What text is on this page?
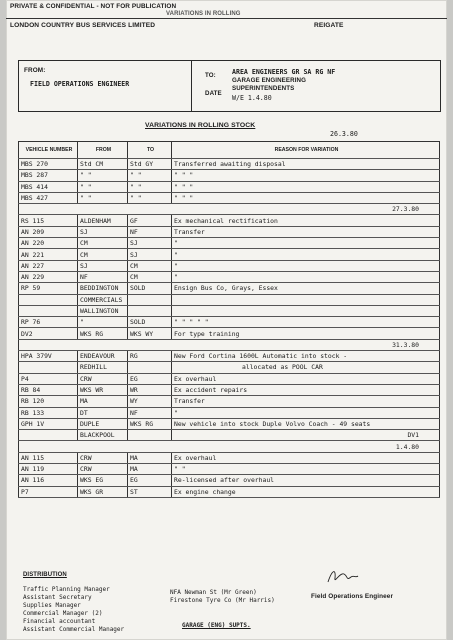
PRIVATE & CONFIDENTIAL - NOT FOR PUBLICATION
VARIATIONS IN ROLLING
LONDON COUNTRY BUS SERVICES LIMITED	REIGATE
FROM:
FIELD OPERATIONS ENGINEER
TO: AREA ENGINEERS GR SA RG NF
GARAGE ENGINEERING
SUPERINTENDENTS
DATE
W/E 1.4.80
VARIATIONS IN ROLLING STOCK
26.3.80
VEHICLE NUMBER	FROM	TO	REASON FOR VARIATION
MBS 270	Std CM	Std GY	Transferred awaiting disposal
MBS 287	" "	" "	" " "
MBS 414	" "	" "	" " "
MBS 427	" "	" "	" " "
			27.3.80
RS 115	ALDENHAM	GF	Ex mechanical rectification
AN 209	SJ	NF	Transfer
AN 220	CM	SJ	"
AN 221	CM	SJ	"
AN 227	SJ	CM	"
AN 229	NF	CM	"
RP 59	BEDDINGTON	SOLD	Ensign Bus Co, Grays, Essex
	COMMERCIALS		
	WALLINGTON		
RP 76	"	SOLD	" " " " "
DV2	WKS RG	WKS WY	For type training
			31.3.80
HPA 379V	ENDEAVOUR	RG	New Ford Cortina 1600L Automatic into stock -
	REDHILL		allocated as POOL CAR
P4	CRW	EG	Ex overhaul
RB 84	WKS WR	WR	Ex accident repairs
RB 120	MA	WY	Transfer
RB 133	DT	NF	"
GPH 1V	DUPLE	WKS RG	New vehicle into stock Duple Volvo Coach - 49 seats
	BLACKPOOL		DV1
			1.4.80
AN 115	CRW	MA	Ex overhaul
AN 119	CRW	MA	" "
AN 116	WKS EG	EG	Re-licensed after overhaul
P7	WKS GR	ST	Ex engine change
DISTRIBUTION
Traffic Planning Manager
Assistant Secretary
Supplies Manager
Commercial Manager (2)
Financial accountant
Assistant Commercial Manager
NFA Newman St (Mr Green)
Firestone Tyre Co (Mr Harris)
GARAGE (ENG) SUPTS.
Field Operations Engineer
